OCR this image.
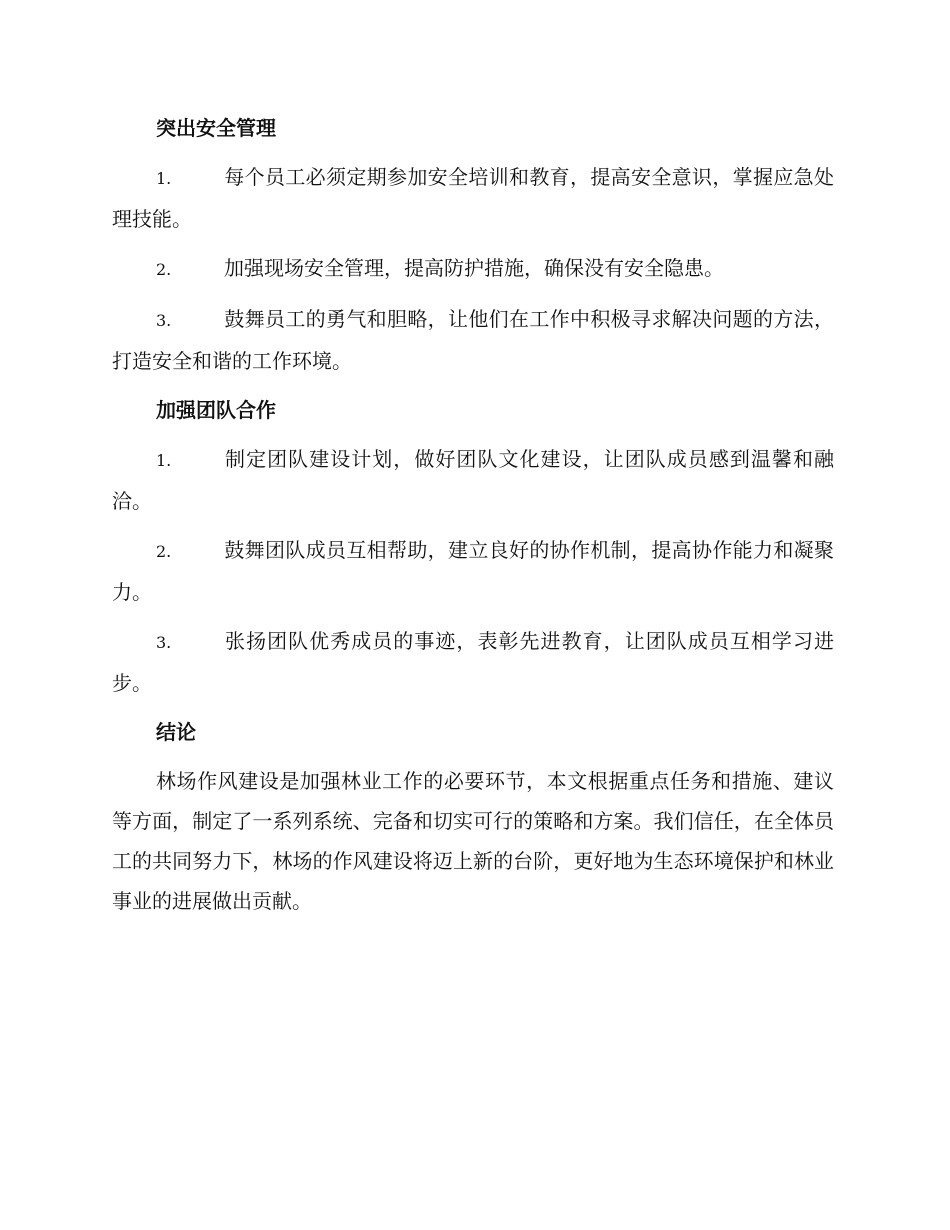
突出安全管理
1.	每个员工必须定期参加安全培训和教育，提高安全意识，掌握应急处理技能。
2.	加强现场安全管理，提高防护措施，确保没有安全隐患。
3.	鼓舞员工的勇气和胆略，让他们在工作中积极寻求解决问题的方法，打造安全和谐的工作环境。
加强团队合作
1.	制定团队建设计划，做好团队文化建设，让团队成员感到温馨和融洽。
2.	鼓舞团队成员互相帮助，建立良好的协作机制，提高协作能力和凝聚力。
3.	张扬团队优秀成员的事迹，表彰先进教育，让团队成员互相学习进步。
结论

林场作风建设是加强林业工作的必要环节，本文根据重点任务和措施、建议等方面，制定了一系列系统、完备和切实可行的策略和方案。我们信任，在全体员工的共同努力下，林场的作风建设将迈上新的台阶，更好地为生态环境保护和林业事业的进展做出贡献。
